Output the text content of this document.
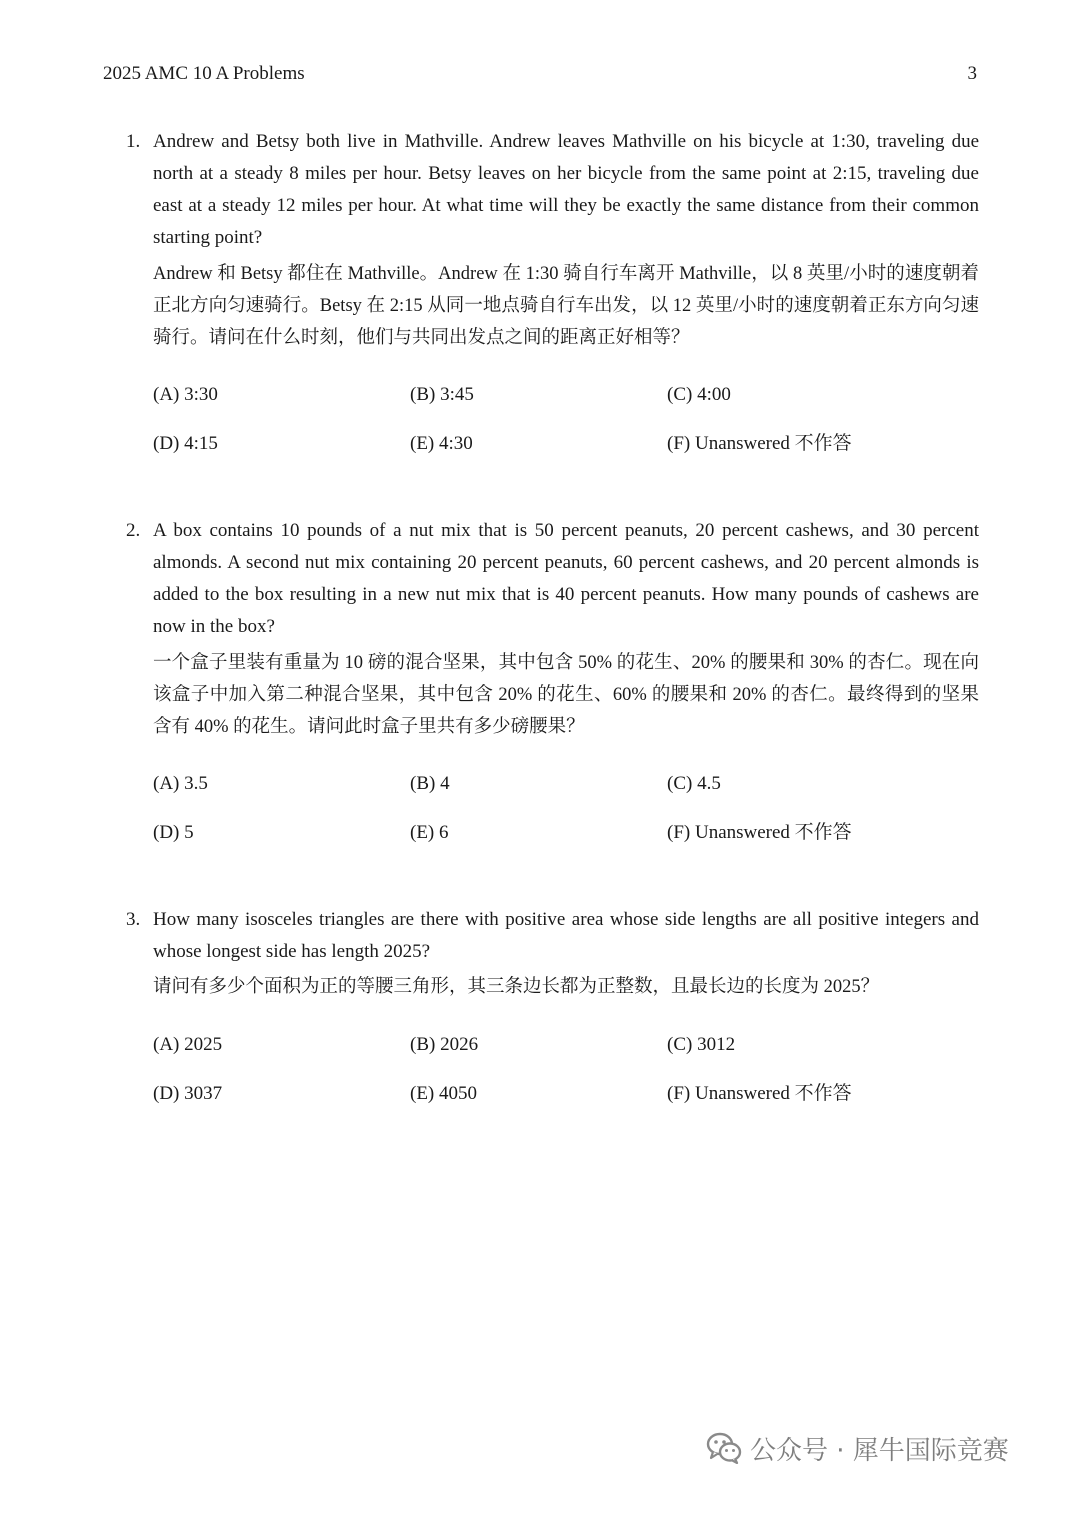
2025 AMC 10 A Problems	3
1. Andrew and Betsy both live in Mathville. Andrew leaves Mathville on his bicycle at 1:30, traveling due north at a steady 8 miles per hour. Betsy leaves on her bicycle from the same point at 2:15, traveling due east at a steady 12 miles per hour. At what time will they be exactly the same distance from their common starting point?

Andrew 和 Betsy 都住在 Mathville。Andrew 在 1:30 骑自行车离开 Mathville，以 8 英里/小时的速度朝着正北方向匀速骑行。Betsy 在 2:15 从同一地点骑自行车出发，以 12 英里/小时的速度朝着正东方向匀速骑行。请问在什么时刻，他们与共同出发点之间的距离正好相等？

(A) 3:30	(B) 3:45	(C) 4:00
(D) 4:15	(E) 4:30	(F) Unanswered 不作答
2. A box contains 10 pounds of a nut mix that is 50 percent peanuts, 20 percent cashews, and 30 percent almonds. A second nut mix containing 20 percent peanuts, 60 percent cashews, and 20 percent almonds is added to the box resulting in a new nut mix that is 40 percent peanuts. How many pounds of cashews are now in the box?

一个盒子里装有重量为 10 磅的混合坚果，其中包含 50% 的花生、20% 的腰果和 30% 的杏仁。现在向该盒子中加入第二种混合坚果，其中包含 20% 的花生、60% 的腰果和 20% 的杏仁。最终得到的坚果含有 40% 的花生。请问此时盒子里共有多少磅腰果？

(A) 3.5	(B) 4	(C) 4.5
(D) 5	(E) 6	(F) Unanswered 不作答
3. How many isosceles triangles are there with positive area whose side lengths are all positive integers and whose longest side has length 2025?

请问有多少个面积为正的等腰三角形，其三条边长都为正整数，且最长边的长度为 2025？

(A) 2025	(B) 2026	(C) 3012
(D) 3037	(E) 4050	(F) Unanswered 不作答
公众号 · 犀牛国际竞赛
